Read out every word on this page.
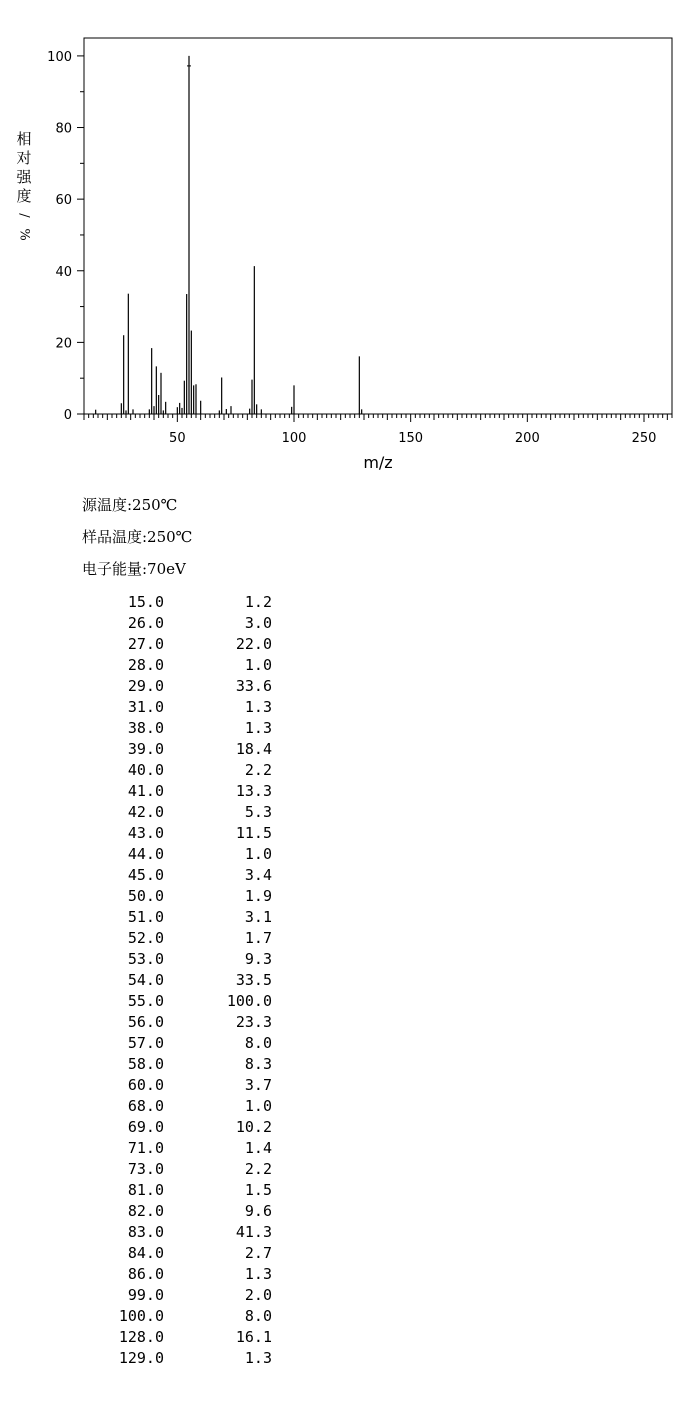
0
20
40
60
80
100
50	100	150	200	250
m/z
相
对
强
度
/
%
源温度:250℃
样品温度:250℃
电子能量:70eV
15.0	1.2
26.0	3.0
27.0	22.0
28.0	1.0
29.0	33.6
31.0	1.3
38.0	1.3
39.0	18.4
40.0	2.2
41.0	13.3
42.0	5.3
43.0	11.5
44.0	1.0
45.0	3.4
50.0	1.9
51.0	3.1
52.0	1.7
53.0	9.3
54.0	33.5
55.0	100.0
56.0	23.3
57.0	8.0
58.0	8.3
60.0	3.7
68.0	1.0
69.0	10.2
71.0	1.4
73.0	2.2
81.0	1.5
82.0	9.6
83.0	41.3
84.0	2.7
86.0	1.3
99.0	2.0
100.0	8.0
128.0	16.1
129.0	1.3
